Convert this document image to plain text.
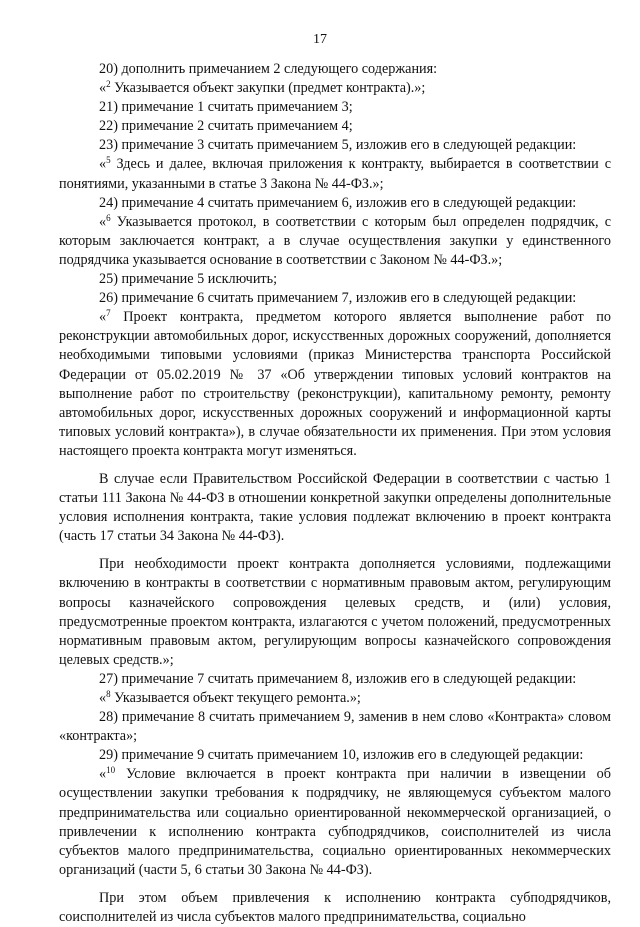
17

20) дополнить примечанием 2 следующего содержания:

«$^2$ Указывается объект закупки (предмет контракта).»;

21) примечание 1 считать примечанием 3;

22) примечание 2 считать примечанием 4;

23) примечание 3 считать примечанием 5, изложив его в следующей редакции:

«$^5$ Здесь и далее, включая приложения к контракту, выбирается в соответствии с понятиями, указанными в статье 3 Закона № 44-ФЗ.»;

24) примечание 4 считать примечанием 6, изложив его в следующей редакции:

«$^6$ Указывается протокол, в соответствии с которым был определен подрядчик, с которым заключается контракт, а в случае осуществления закупки у единственного подрядчика указывается основание в соответствии с Законом № 44-ФЗ.»;

25) примечание 5 исключить;

26) примечание 6 считать примечанием 7, изложив его в следующей редакции:

«$^7$ Проект контракта, предметом которого является выполнение работ по реконструкции автомобильных дорог, искусственных дорожных сооружений, дополняется необходимыми типовыми условиями (приказ Министерства транспорта Российской Федерации от 05.02.2019 № 37 «Об утверждении типовых условий контрактов на выполнение работ по строительству (реконструкции), капитальному ремонту, ремонту автомобильных дорог, искусственных дорожных сооружений и информационной карты типовых условий контракта»), в случае обязательности их применения. При этом условия настоящего проекта контракта могут изменяться.

В случае если Правительством Российской Федерации в соответствии с частью 1 статьи 111 Закона № 44-ФЗ в отношении конкретной закупки определены дополнительные условия исполнения контракта, такие условия подлежат включению в проект контракта (часть 17 статьи 34 Закона № 44-ФЗ).

При необходимости проект контракта дополняется условиями, подлежащими включению в контракты в соответствии с нормативным правовым актом, регулирующим вопросы казначейского сопровождения целевых средств, и (или) условия, предусмотренные проектом контракта, излагаются с учетом положений, предусмотренных нормативным правовым актом, регулирующим вопросы казначейского сопровождения целевых средств.»;

27) примечание 7 считать примечанием 8, изложив его в следующей редакции:

«$^8$ Указывается объект текущего ремонта.»;

28) примечание 8 считать примечанием 9, заменив в нем слово «Контракта» словом «контракта»;

29) примечание 9 считать примечанием 10, изложив его в следующей редакции:

«$^{10}$ Условие включается в проект контракта при наличии в извещении об осуществлении закупки требования к подрядчику, не являющемуся субъектом малого предпринимательства или социально ориентированной некоммерческой организацией, о привлечении к исполнению контракта субподрядчиков, соисполнителей из числа субъектов малого предпринимательства, социально ориентированных некоммерческих организаций (части 5, 6 статьи 30 Закона № 44-ФЗ).

При этом объем привлечения к исполнению контракта субподрядчиков, соисполнителей из числа субъектов малого предпринимательства, социально
